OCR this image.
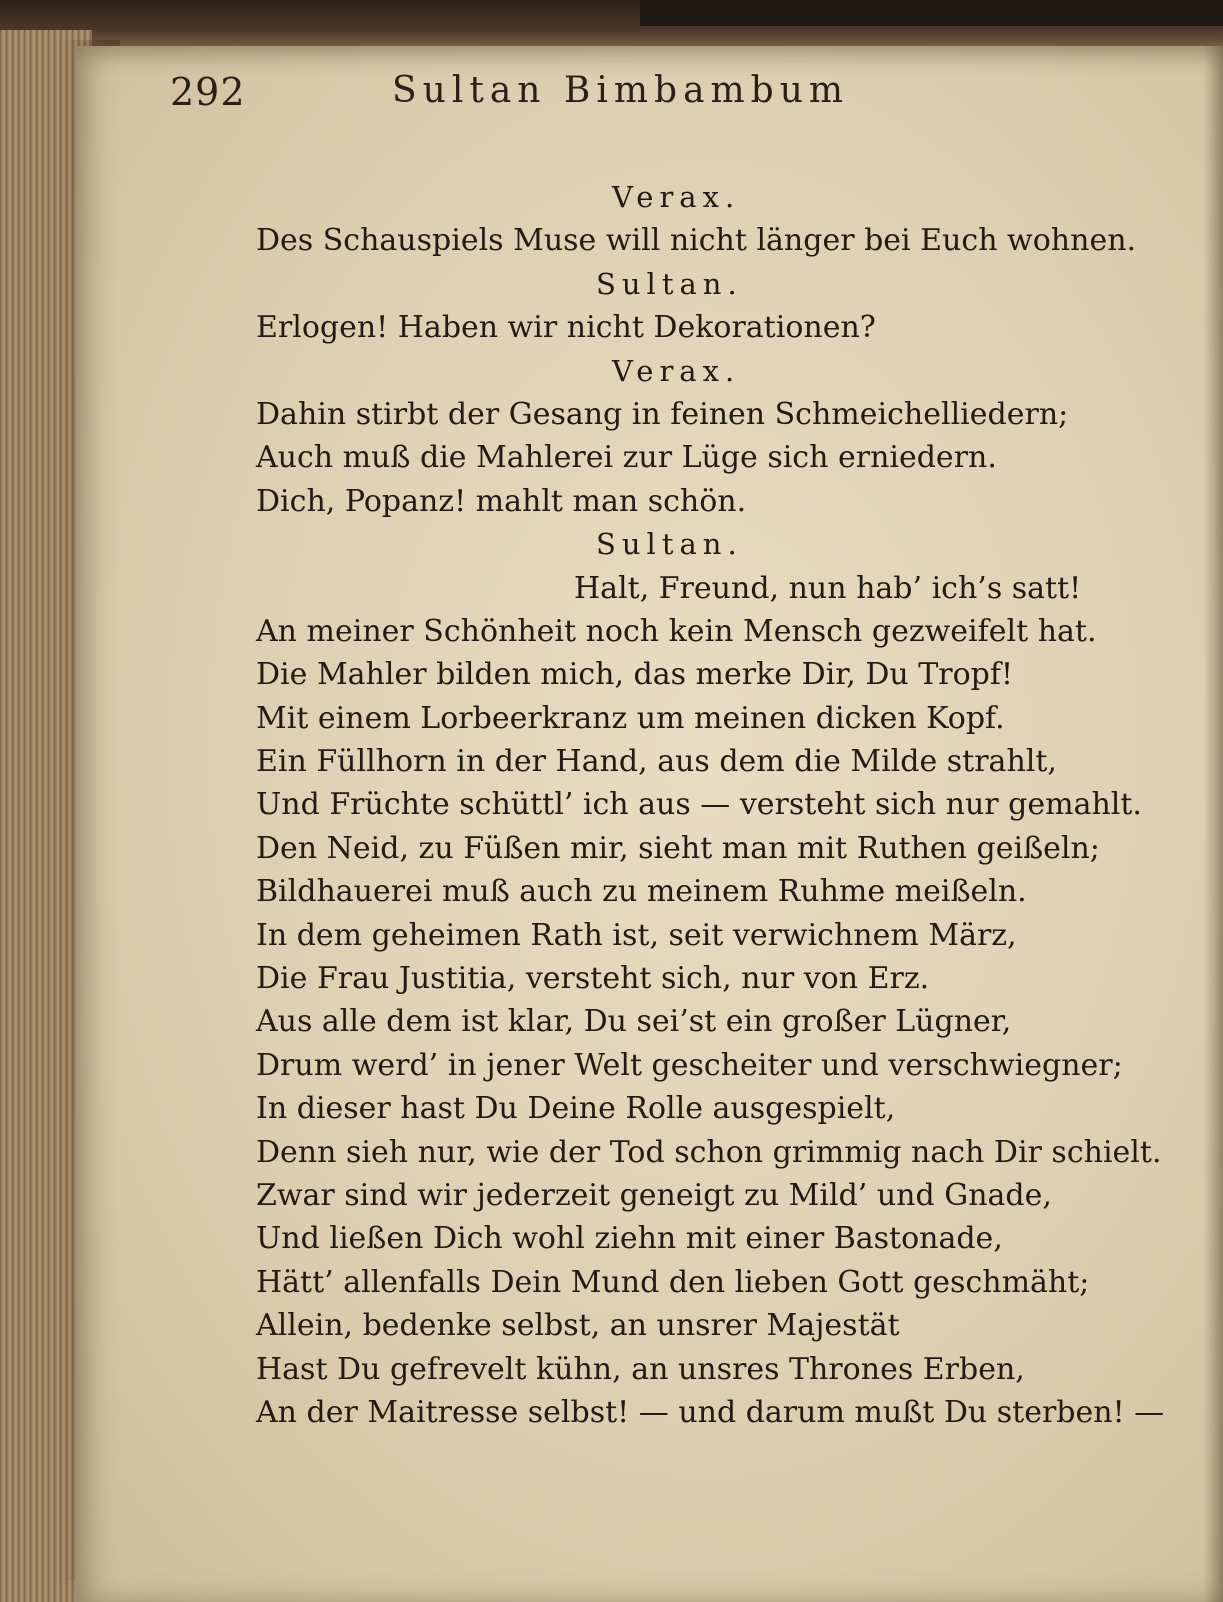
292	Sultan Bimbambum
Verax.
Des Schauspiels Muse will nicht länger bei Euch wohnen.
Sultan.
Erlogen! Haben wir nicht Dekorationen?
Verax.
Dahin stirbt der Gesang in feinen Schmeichelliedern;
Auch muß die Mahlerei zur Lüge sich erniedern.
Dich, Popanz! mahlt man schön.
Sultan.
Halt, Freund, nun hab’ ich’s satt!
An meiner Schönheit noch kein Mensch gezweifelt hat.
Die Mahler bilden mich, das merke Dir, Du Tropf!
Mit einem Lorbeerkranz um meinen dicken Kopf.
Ein Füllhorn in der Hand, aus dem die Milde strahlt,
Und Früchte schüttl’ ich aus — versteht sich nur gemahlt.
Den Neid, zu Füßen mir, sieht man mit Ruthen geißeln;
Bildhauerei muß auch zu meinem Ruhme meißeln.
In dem geheimen Rath ist, seit verwichnem März,
Die Frau Justitia, versteht sich, nur von Erz.
Aus alle dem ist klar, Du sei’st ein großer Lügner,
Drum werd’ in jener Welt gescheiter und verschwiegner;
In dieser hast Du Deine Rolle ausgespielt,
Denn sieh nur, wie der Tod schon grimmig nach Dir schielt.
Zwar sind wir jederzeit geneigt zu Mild’ und Gnade,
Und ließen Dich wohl ziehn mit einer Bastonade,
Hätt’ allenfalls Dein Mund den lieben Gott geschmäht;
Allein, bedenke selbst, an unsrer Majestät
Hast Du gefrevelt kühn, an unsres Thrones Erben,
An der Maitresse selbst! — und darum mußt Du sterben! —
